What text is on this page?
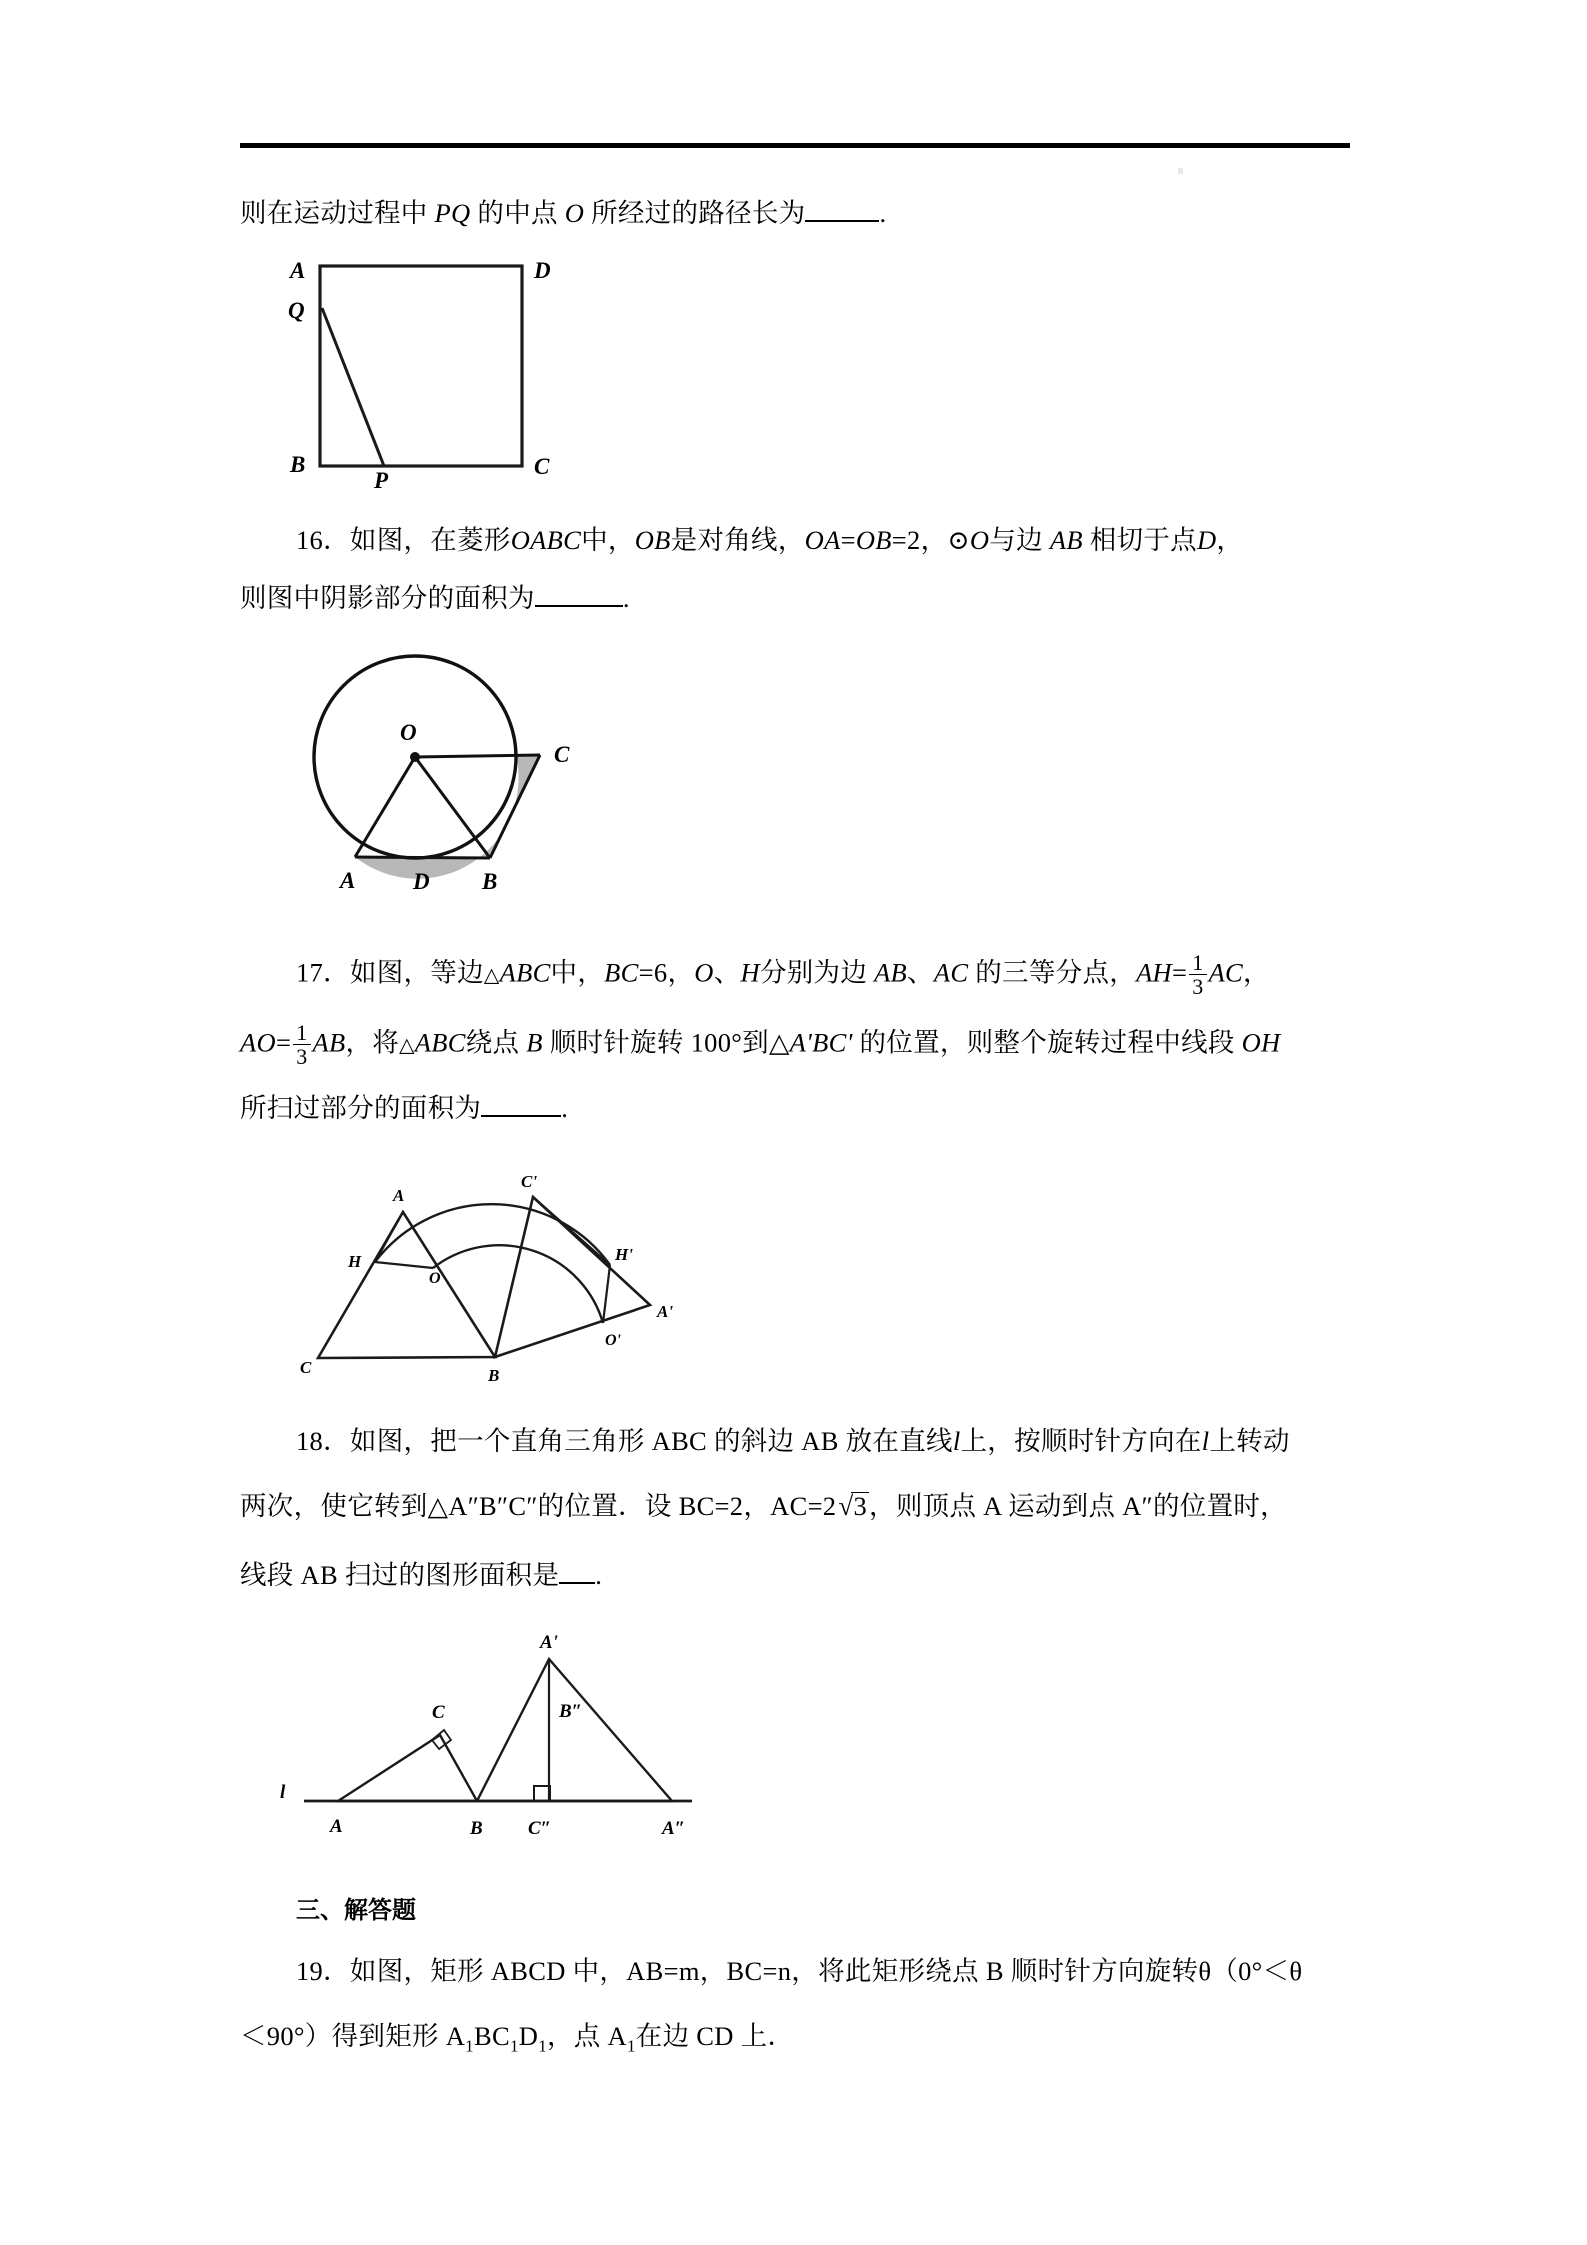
则在运动过程中 PQ 的中点 O 所经过的路径长为	.
A	D
Q
B	C
P
16．如图，在菱形OABC中，OB是对角线，OA=OB=2，⊙O与边 AB 相切于点D，
则图中阴影部分的面积为	.
O
C
A	D B
17．如图，等边△ABC中，BC=6，O、H分别为边 AB、AC 的三等分点，$AH= \frac{1}{3}$ AC，
$AO= \frac{1}{3}$ AB，将△ABC绕点 B 顺时针旋转 100°到△A'BC' 的位置，则整个旋转过程中线段 OH
所扫过部分的面积为	.
A
C'
H
O
H'
A'
C	B
O'
18．如图，把一个直角三角形 ABC 的斜边 AB 放在直线l上，按顺时针方向在l上转动
两次，使它转到△A″B″C″的位置．设 BC=2，AC=2√3，则顶点 A 运动到点 A″的位置时，
线段 AB 扫过的图形面积是 .
l
A	B
C
A'
B″
C″	A″
三、解答题
19．如图，矩形 ABCD 中，AB=m，BC=n，将此矩形绕点 B 顺时针方向旋转θ（0°＜θ
＜90°）得到矩形 $A_1BC_1D_1$，点 $A_1$在边 CD 上．
